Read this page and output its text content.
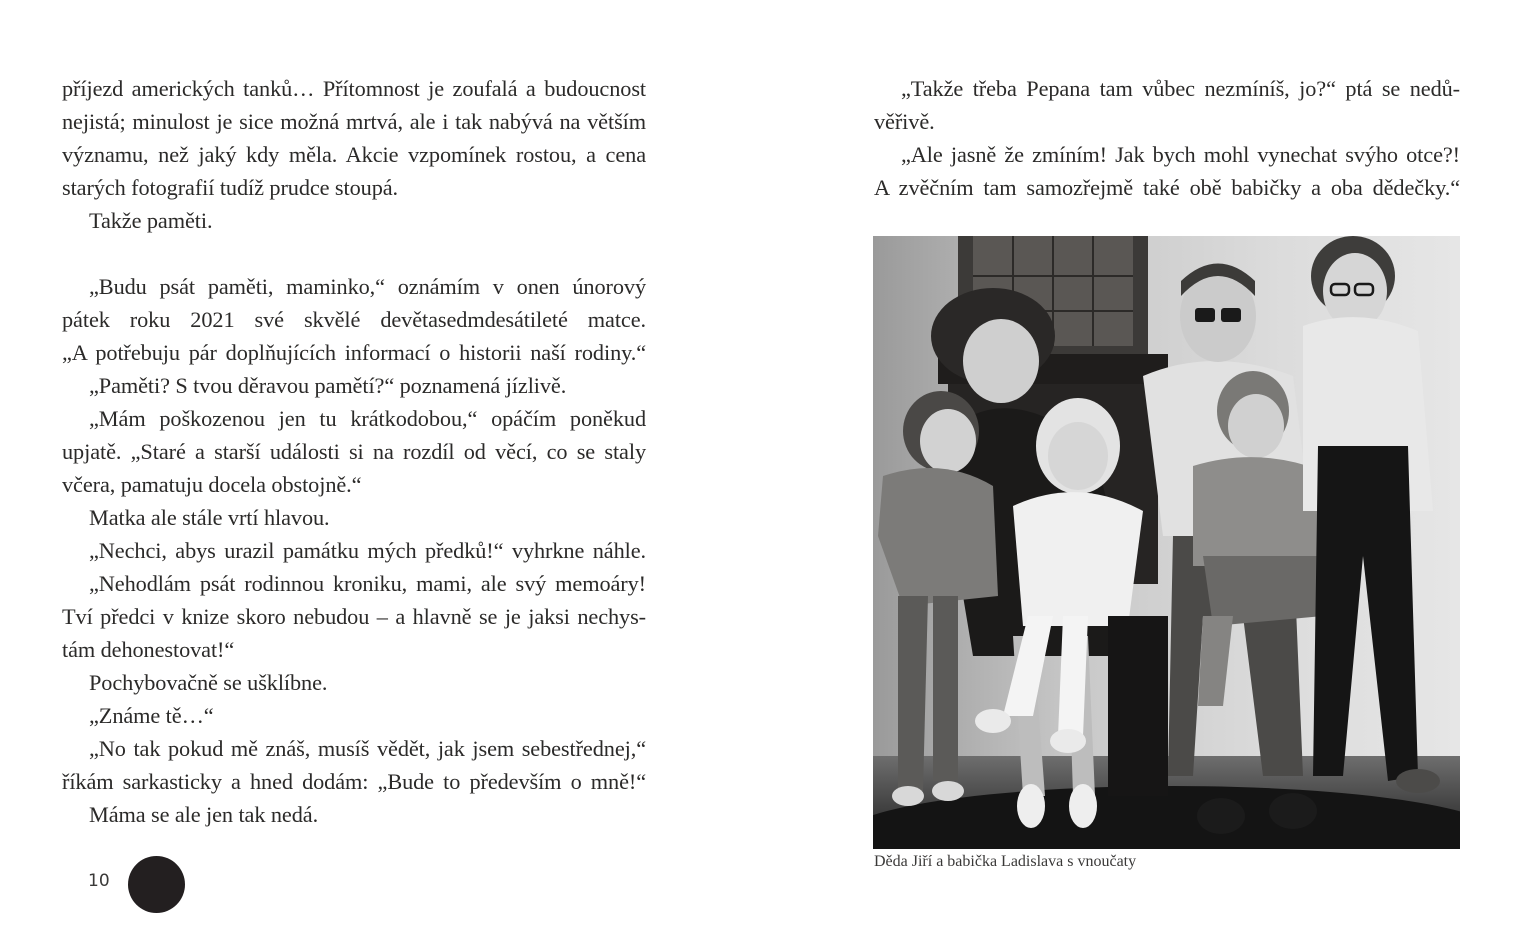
příjezd amerických tanků… Přítomnost je zoufalá a budoucnost
nejistá; minulost je sice možná mrtvá, ale i tak nabývá na větším
významu, než jaký kdy měla. Akcie vzpomínek rostou, a cena
starých fotografií tudíž prudce stoupá.
Takže paměti.
„Budu psát paměti, maminko,“ oznámím v onen únorový
pátek roku 2021 své skvělé devětasedmdesátileté matce.
„A potřebuju pár doplňujících informací o historii naší rodiny.“
„Paměti? S tvou děravou pamětí?“ poznamená jízlivě.
„Mám poškozenou jen tu krátkodobou,“ opáčím poněkud
upjatě. „Staré a starší události si na rozdíl od věcí, co se staly
včera, pamatuju docela obstojně.“
Matka ale stále vrtí hlavou.
„Nechci, abys urazil památku mých předků!“ vyhrkne náhle.
„Nehodlám psát rodinnou kroniku, mami, ale svý memoáry!
Tví předci v knize skoro nebudou – a hlavně se je jaksi nechys-
tám dehonestovat!“
Pochybovačně se ušklíbne.
„Známe tě…“
„No tak pokud mě znáš, musíš vědět, jak jsem sebestřednej,“
říkám sarkasticky a hned dodám: „Bude to především o mně!“
Máma se ale jen tak nedá.
10
„Takže třeba Pepana tam vůbec nezmíníš, jo?“ ptá se nedů-
věřivě.
„Ale jasně že zmíním! Jak bych mohl vynechat svýho otce?!
A zvěčním tam samozřejmě také obě babičky a oba dědečky.“
Děda Jiří a babička Ladislava s vnoučaty
